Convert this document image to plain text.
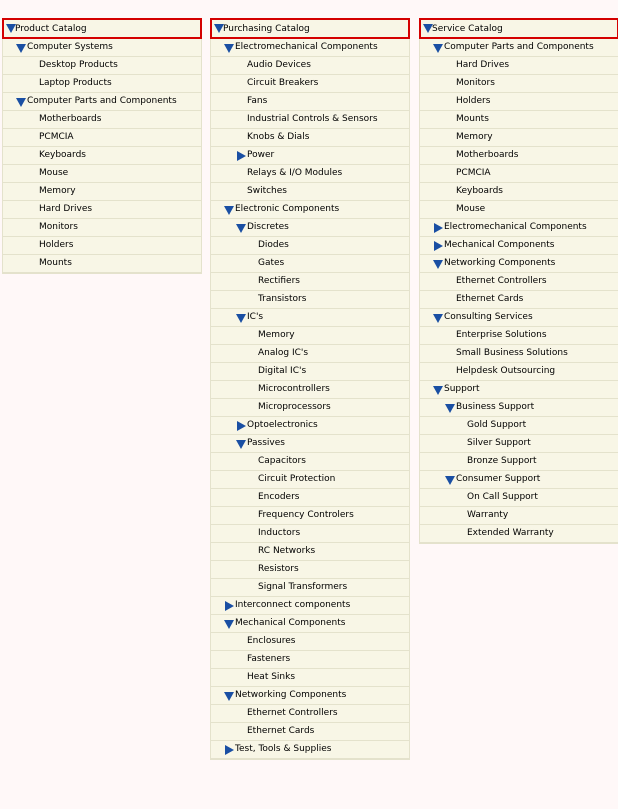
Product Catalog
Computer Systems
Desktop Products
Laptop Products
Computer Parts and Components
Motherboards
PCMCIA
Keyboards
Mouse
Memory
Hard Drives
Monitors
Holders
Mounts
Purchasing Catalog
Electromechanical Components
Audio Devices
Circuit Breakers
Fans
Industrial Controls & Sensors
Knobs & Dials
Power
Relays & I/O Modules
Switches
Electronic Components
Discretes
Diodes
Gates
Rectifiers
Transistors
IC's
Memory
Analog IC's
Digital IC's
Microcontrollers
Microprocessors
Optoelectronics
Passives
Capacitors
Circuit Protection
Encoders
Frequency Controlers
Inductors
RC Networks
Resistors
Signal Transformers
Interconnect components
Mechanical Components
Enclosures
Fasteners
Heat Sinks
Networking Components
Ethernet Controllers
Ethernet Cards
Test, Tools & Supplies
Service Catalog
Computer Parts and Components
Hard Drives
Monitors
Holders
Mounts
Memory
Motherboards
PCMCIA
Keyboards
Mouse
Electromechanical Components
Mechanical Components
Networking Components
Ethernet Controllers
Ethernet Cards
Consulting Services
Enterprise Solutions
Small Business Solutions
Helpdesk Outsourcing
Support
Business Support
Gold Support
Silver Support
Bronze Support
Consumer Support
On Call Support
Warranty
Extended Warranty
